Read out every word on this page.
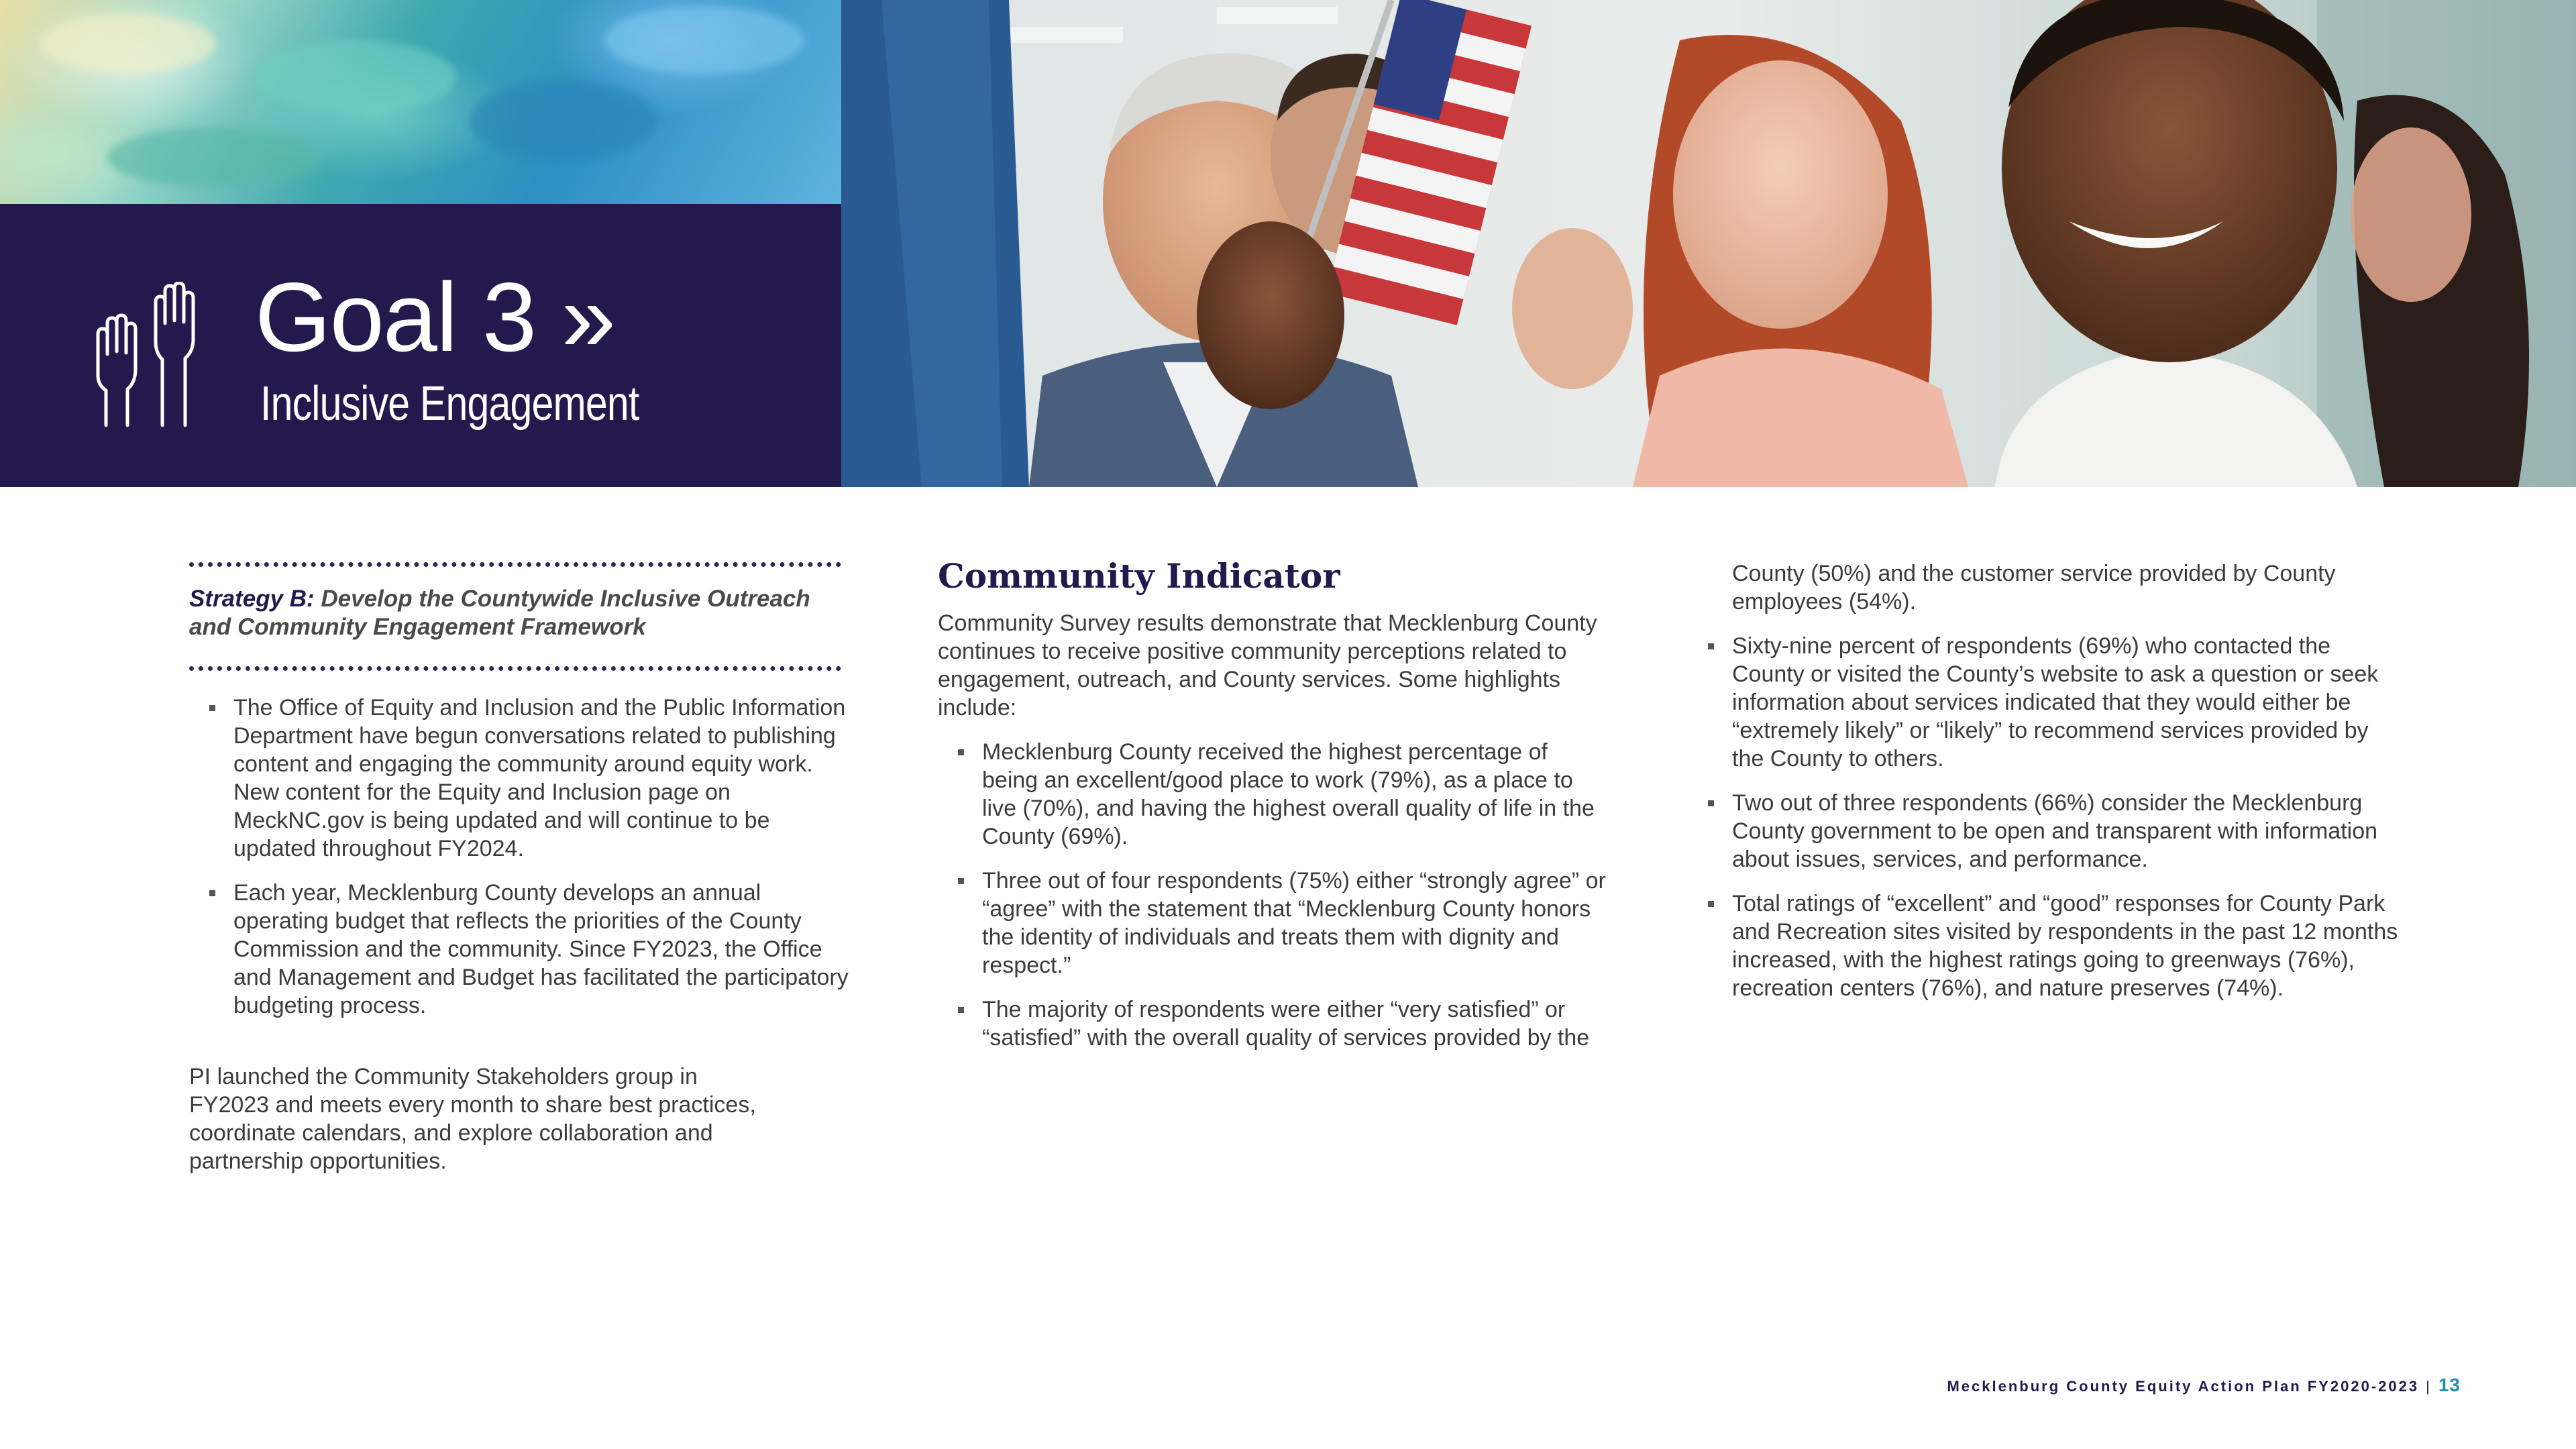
Goal 3 »
Inclusive Engagement
Strategy B: Develop the Countywide Inclusive Outreach and Community Engagement Framework
The Office of Equity and Inclusion and the Public Information Department have begun conversations related to publishing content and engaging the community around equity work. New content for the Equity and Inclusion page on MeckNC.gov is being updated and will continue to be updated throughout FY2024.
Each year, Mecklenburg County develops an annual operating budget that reflects the priorities of the County Commission and the community. Since FY2023, the Office and Management and Budget has facilitated the participatory budgeting process.

PI launched the Community Stakeholders group in FY2023 and meets every month to share best practices, coordinate calendars, and explore collaboration and partnership opportunities.

Community Indicator

Community Survey results demonstrate that Mecklenburg County continues to receive positive community perceptions related to engagement, outreach, and County services. Some highlights include:

Mecklenburg County received the highest percentage of being an excellent/good place to work (79%), as a place to live (70%), and having the highest overall quality of life in the County (69%).
Three out of four respondents (75%) either “strongly agree” or “agree” with the statement that “Mecklenburg County honors the identity of individuals and treats them with dignity and respect.”
The majority of respondents were either “very satisfied” or “satisfied” with the overall quality of services provided by the

County (50%) and the customer service provided by County employees (54%).

Sixty-nine percent of respondents (69%) who contacted the County or visited the County’s website to ask a question or seek information about services indicated that they would either be “extremely likely” or “likely” to recommend services provided by the County to others.
Two out of three respondents (66%) consider the Mecklenburg County government to be open and transparent with information about issues, services, and performance.
Total ratings of “excellent” and “good” responses for County Park and Recreation sites visited by respondents in the past 12 months increased, with the highest ratings going to greenways (76%), recreation centers (76%), and nature preserves (74%).
Mecklenburg County Equity Action Plan FY2020-2023 | 13
